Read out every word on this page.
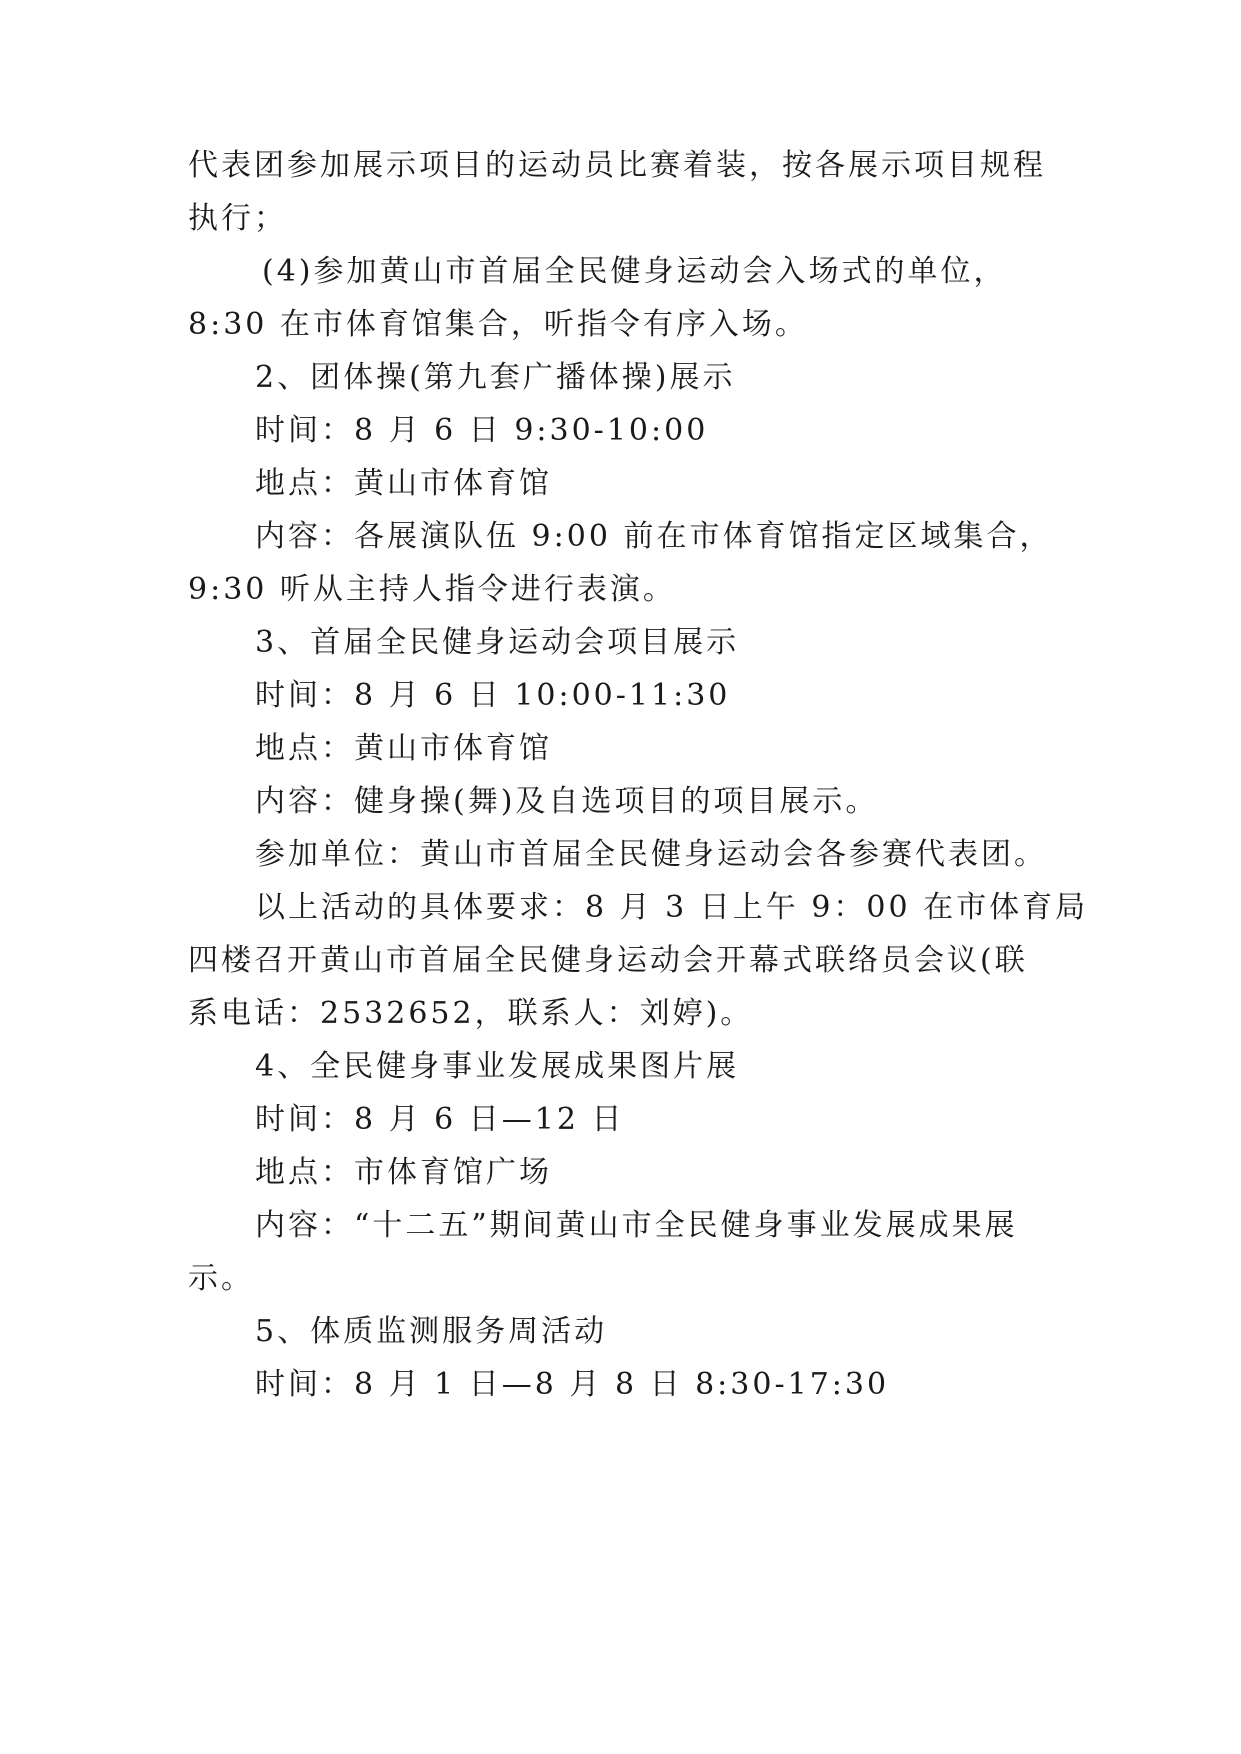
代表团参加展示项目的运动员比赛着装，按各展示项目规程
执行；
(4)参加黄山市首届全民健身运动会入场式的单位，
8:30 在市体育馆集合，听指令有序入场。
2、团体操(第九套广播体操)展示
时间：8 月 6 日 9:30-10:00
地点：黄山市体育馆
内容：各展演队伍 9:00 前在市体育馆指定区域集合，
9:30 听从主持人指令进行表演。
3、首届全民健身运动会项目展示
时间：8 月 6 日 10:00-11:30
地点：黄山市体育馆
内容：健身操(舞)及自选项目的项目展示。
参加单位：黄山市首届全民健身运动会各参赛代表团。
以上活动的具体要求：8 月 3 日上午 9：00 在市体育局
四楼召开黄山市首届全民健身运动会开幕式联络员会议(联
系电话：2532652，联系人：刘婷)。
4、全民健身事业发展成果图片展
时间：8 月 6 日—12 日
地点：市体育馆广场
内容：“十二五”期间黄山市全民健身事业发展成果展
示。
5、体质监测服务周活动
时间：8 月 1 日—8 月 8 日 8:30-17:30
